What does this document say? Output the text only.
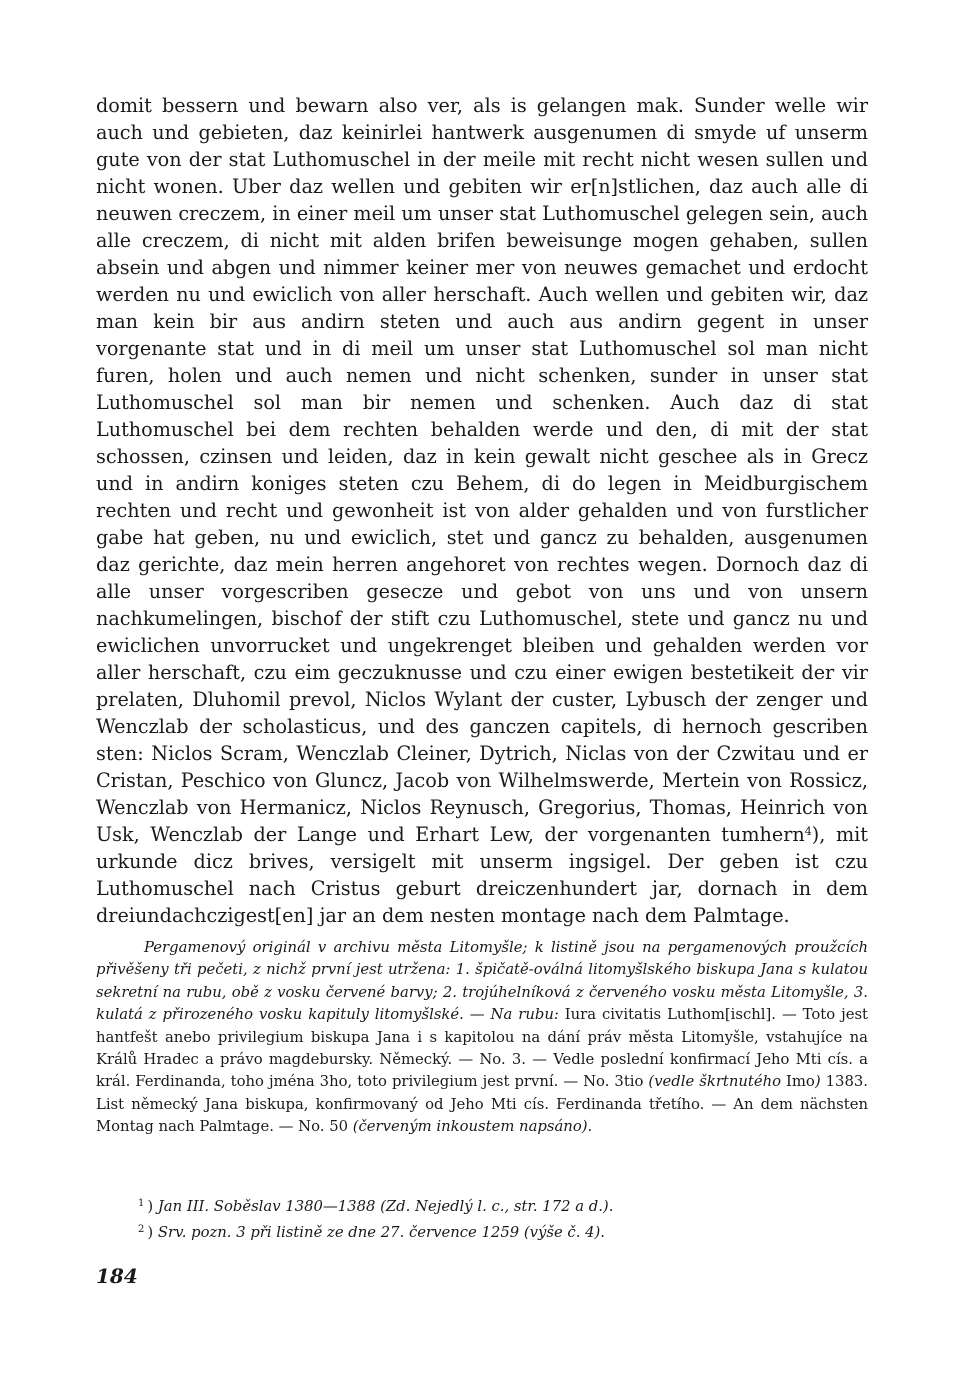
domit bessern und bewarn also ver, als is gelangen mak. Sunder welle wir auch und gebieten, daz keinirlei hantwerk ausgenumen di smyde uf unserm gute von der stat Luthomuschel in der meile mit recht nicht wesen sullen und nicht wonen. Uber daz wellen und gebiten wir er[n]stlichen, daz auch alle di neuwen creczem, in einer meil um unser stat Luthomuschel gelegen sein, auch alle creczem, di nicht mit alden brifen beweisunge mogen gehaben, sullen absein und abgen und nimmer keiner mer von neuwes gemachet und erdocht werden nu und ewiclich von aller herschaft. Auch wellen und gebiten wir, daz man kein bir aus andirn steten und auch aus andirn gegent in unser vorgenante stat und in di meil um unser stat Luthomuschel sol man nicht furen, holen und auch nemen und nicht schenken, sunder in unser stat Luthomuschel sol man bir nemen und schenken. Auch daz di stat Luthomuschel bei dem rechten behalden werde und den, di mit der stat schossen, czinsen und leiden, daz in kein gewalt nicht geschee als in Grecz und in andirn koniges steten czu Behem, di do legen in Meidburgischem rechten und recht und gewonheit ist von alder gehalden und von furstlicher gabe hat geben, nu und ewiclich, stet und gancz zu behalden, ausgenumen daz gerichte, daz mein herren angehoret von rechtes wegen. Dornoch daz di alle unser vorgescriben gesecze und gebot von uns und von unsern nachkumelingen, bischof der stift czu Luthomuschel, stete und gancz nu und ewiclichen unvorrucket und ungekrenget bleiben und gehalden werden vor aller herschaft, czu eim geczuknusse und czu einer ewigen bestetikeit der vir prelaten, Dluhomil prevol, Niclos Wylant der custer, Lybusch der zenger und Wenczlab der scholasticus, und des ganczen capitels, di hernoch gescriben sten: Niclos Scram, Wenczlab Cleiner, Dytrich, Niclas von der Czwitau und er Cristan, Peschico von Gluncz, Jacob von Wilhelmswerde, Mertein von Rossicz, Wenczlab von Hermanicz, Niclos Reynusch, Gregorius, Thomas, Heinrich von Usk, Wenczlab der Lange und Erhart Lew, der vorgenanten tumhern$^4$), mit urkunde dicz brives, versigelt mit unserm ingsigel. Der geben ist czu Luthomuschel nach Cristus geburt dreiczenhundert jar, dornach in dem dreiundachczigest[en] jar an dem nesten montage nach dem Palmtage.

Pergamenový originál v archivu města Litomyšle; k listině jsou na pergamenových proužcích přivěšeny tři pečeti, z nichž první jest utržena: 1. špičatě-oválná litomyšlského biskupa Jana s kulatou sekretní na rubu, obě z vosku červené barvy; 2. trojúhelníková z červeného vosku města Litomyšle, 3. kulatá z přirozeného vosku kapituly litomyšlské. — Na rubu: Iura civitatis Luthom[ischl]. — Toto jest hantfešt anebo privilegium biskupa Jana i s kapitolou na dání práv města Litomyšle, vstahujíce na Králů Hradec a právo magdebursky. Německý. — No. 3. — Vedle poslední konfirmací Jeho Mti cís. a král. Ferdinanda, toho jména 3ho, toto privilegium jest první. — No. 3tio (vedle škrtnutého Imo) 1383. List německý Jana biskupa, konfirmovaný od Jeho Mti cís. Ferdinanda třetího. — An dem nächsten Montag nach Palmtage. — No. 50 (červeným inkoustem napsáno).

$^1$ ) Jan III. Soběslav 1380—1388 (Zd. Nejedlý l. c., str. 172 a d.).
$^2$ ) Srv. pozn. 3 při listině ze dne 27. července 1259 (výše č. 4).
184
